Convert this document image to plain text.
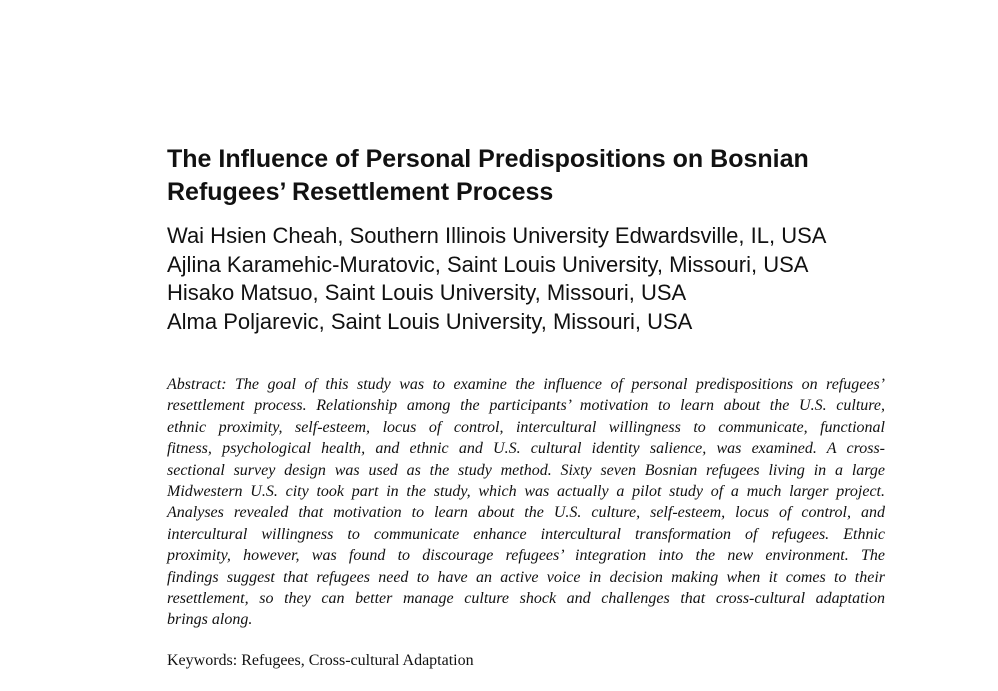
The Influence of Personal Predispositions on Bosnian
Refugees’ Resettlement Process
Wai Hsien Cheah, Southern Illinois University Edwardsville, IL, USA
Ajlina Karamehic-Muratovic, Saint Louis University, Missouri, USA
Hisako Matsuo, Saint Louis University, Missouri, USA
Alma Poljarevic, Saint Louis University, Missouri, USA
Abstract: The goal of this study was to examine the influence of personal predispositions on refugees’
resettlement process. Relationship among the participants’ motivation to learn about the U.S. culture,
ethnic proximity, self-esteem, locus of control, intercultural willingness to communicate, functional
fitness, psychological health, and ethnic and U.S. cultural identity salience, was examined. A cross-
sectional survey design was used as the study method. Sixty seven Bosnian refugees living in a large
Midwestern U.S. city took part in the study, which was actually a pilot study of a much larger project.
Analyses revealed that motivation to learn about the U.S. culture, self-esteem, locus of control, and
intercultural willingness to communicate enhance intercultural transformation of refugees. Ethnic
proximity, however, was found to discourage refugees’ integration into the new environment. The
findings suggest that refugees need to have an active voice in decision making when it comes to their
resettlement, so they can better manage culture shock and challenges that cross-cultural adaptation
brings along.

Keywords: Refugees, Cross-cultural Adaptation
